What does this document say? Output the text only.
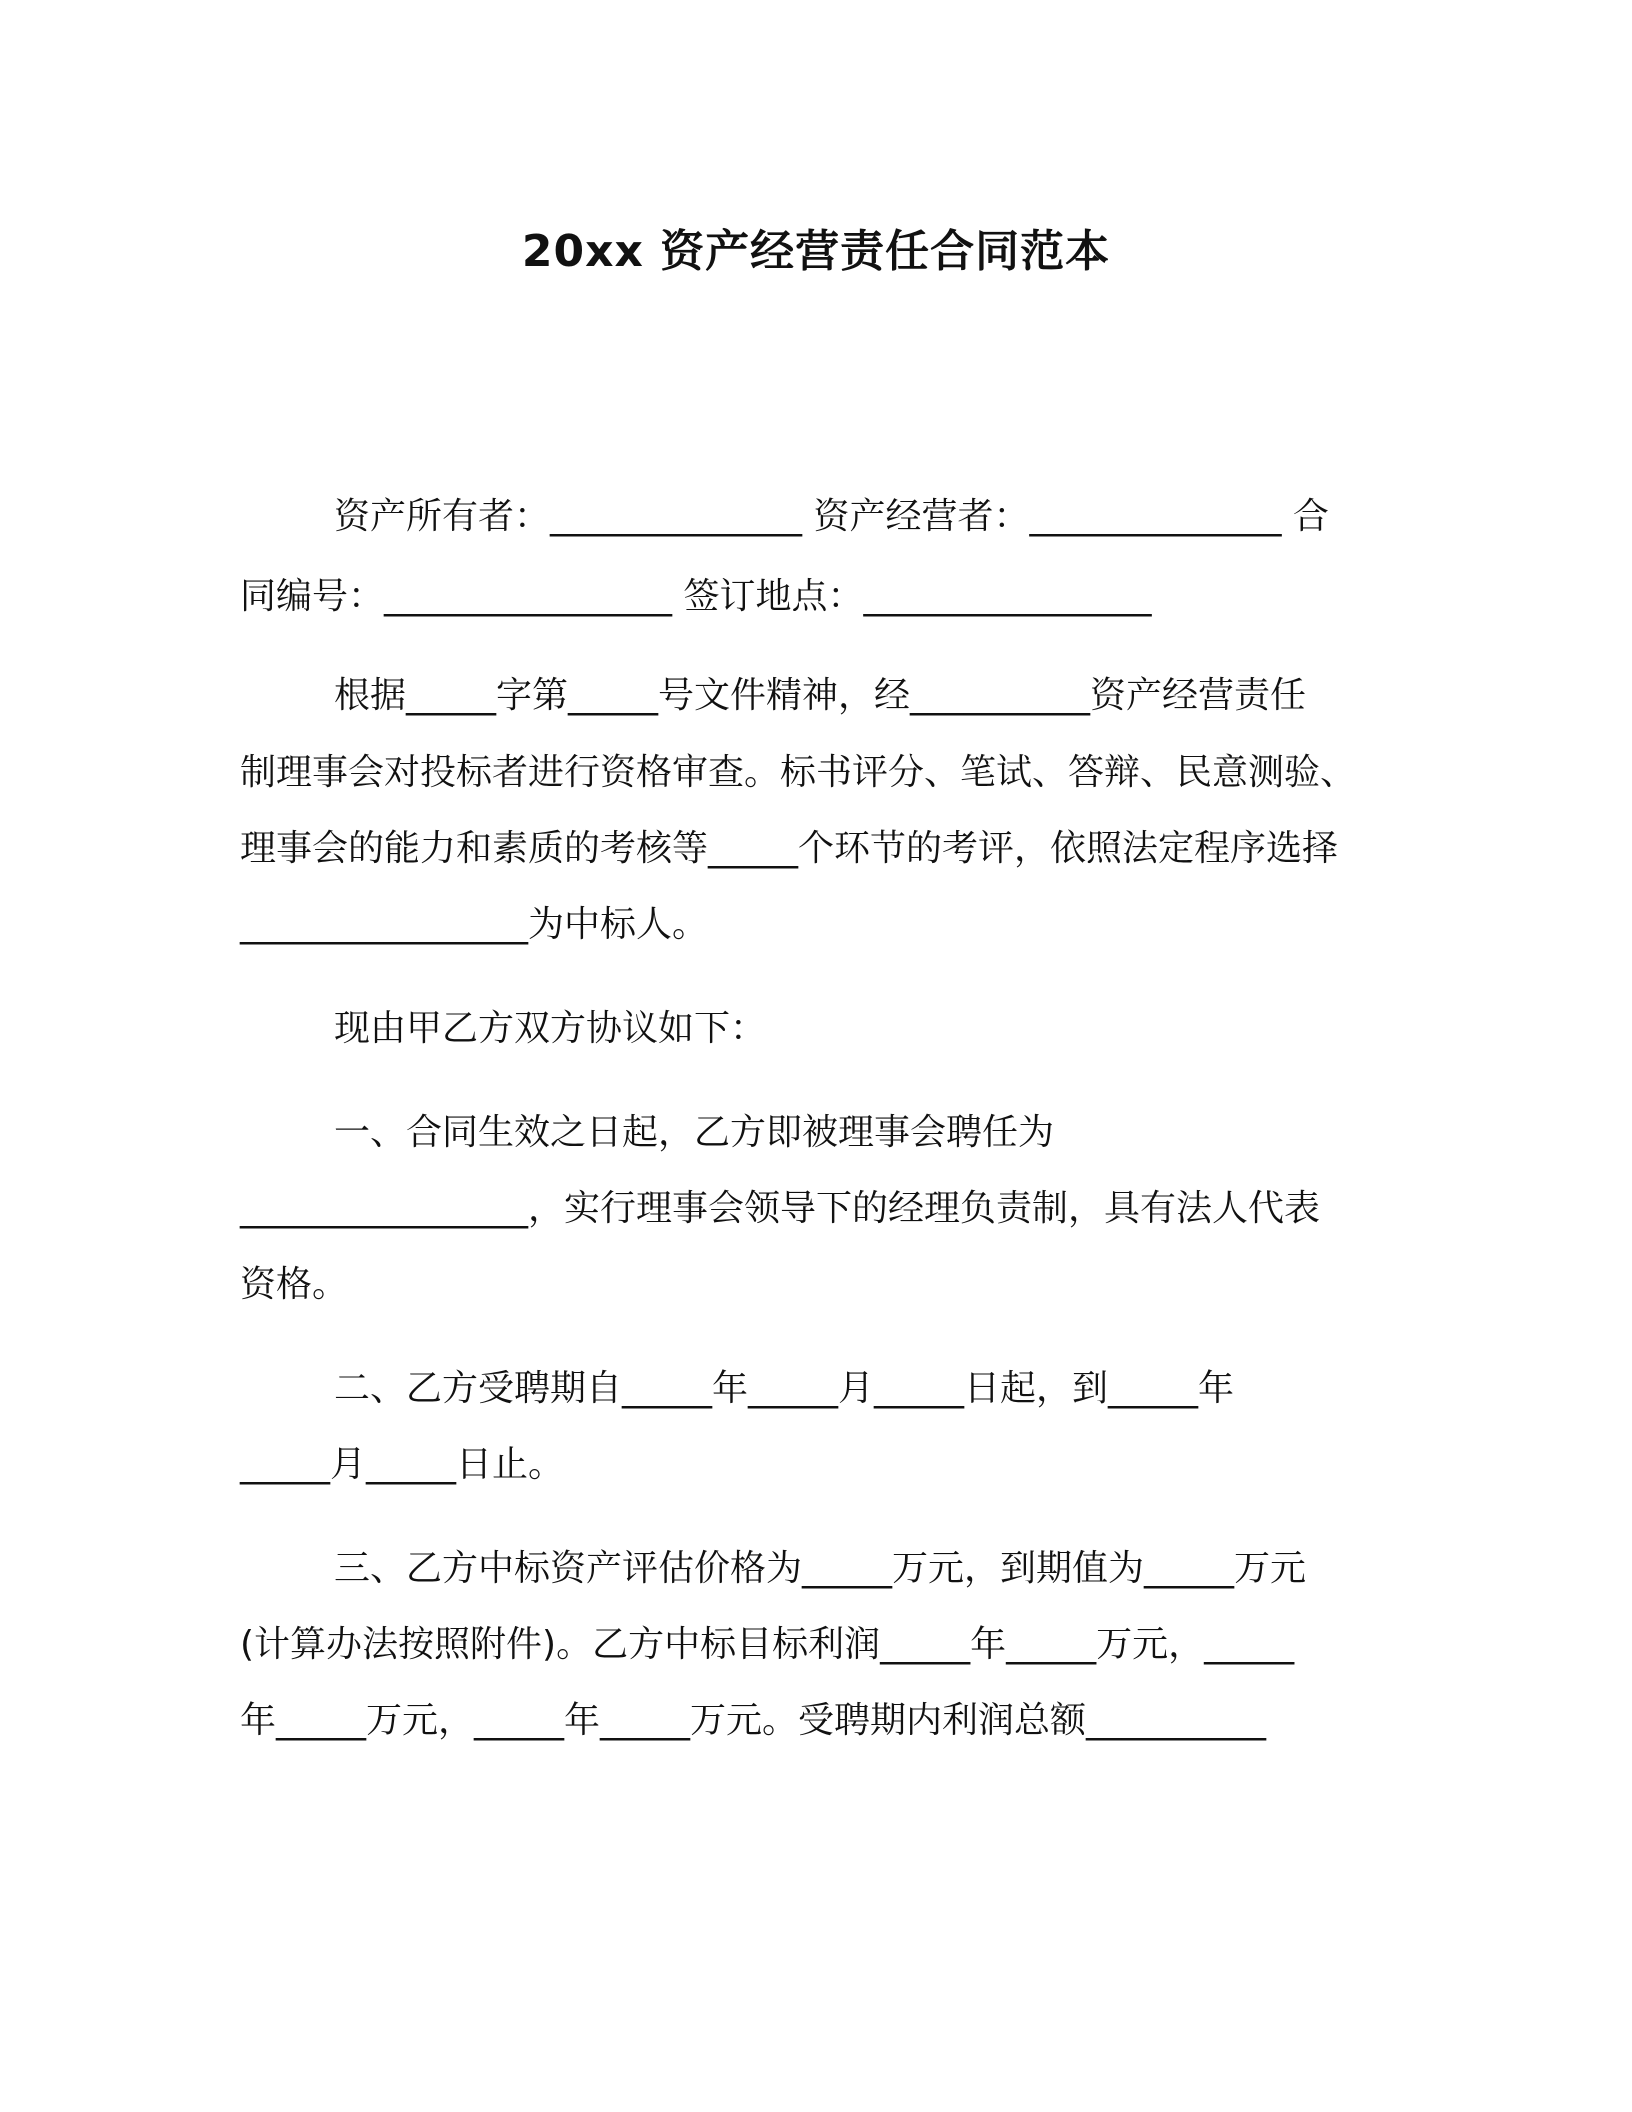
20xx 资产经营责任合同范本

资产所有者：______________ 资产经营者：______________ 合

同编号：________________ 签订地点：________________

根据_____字第_____号文件精神，经__________资产经营责任

制理事会对投标者进行资格审查。标书评分、笔试、答辩、民意测验、

理事会的能力和素质的考核等_____个环节的考评，依照法定程序选择

________________为中标人。

现由甲乙方双方协议如下：

一、合同生效之日起，乙方即被理事会聘任为

________________，实行理事会领导下的经理负责制，具有法人代表

资格。

二、乙方受聘期自_____年_____月_____日起，到_____年

_____月_____日止。

三、乙方中标资产评估价格为_____万元，到期值为_____万元

(计算办法按照附件)。乙方中标目标利润_____年_____万元，_____

年_____万元，_____年_____万元。受聘期内利润总额__________
